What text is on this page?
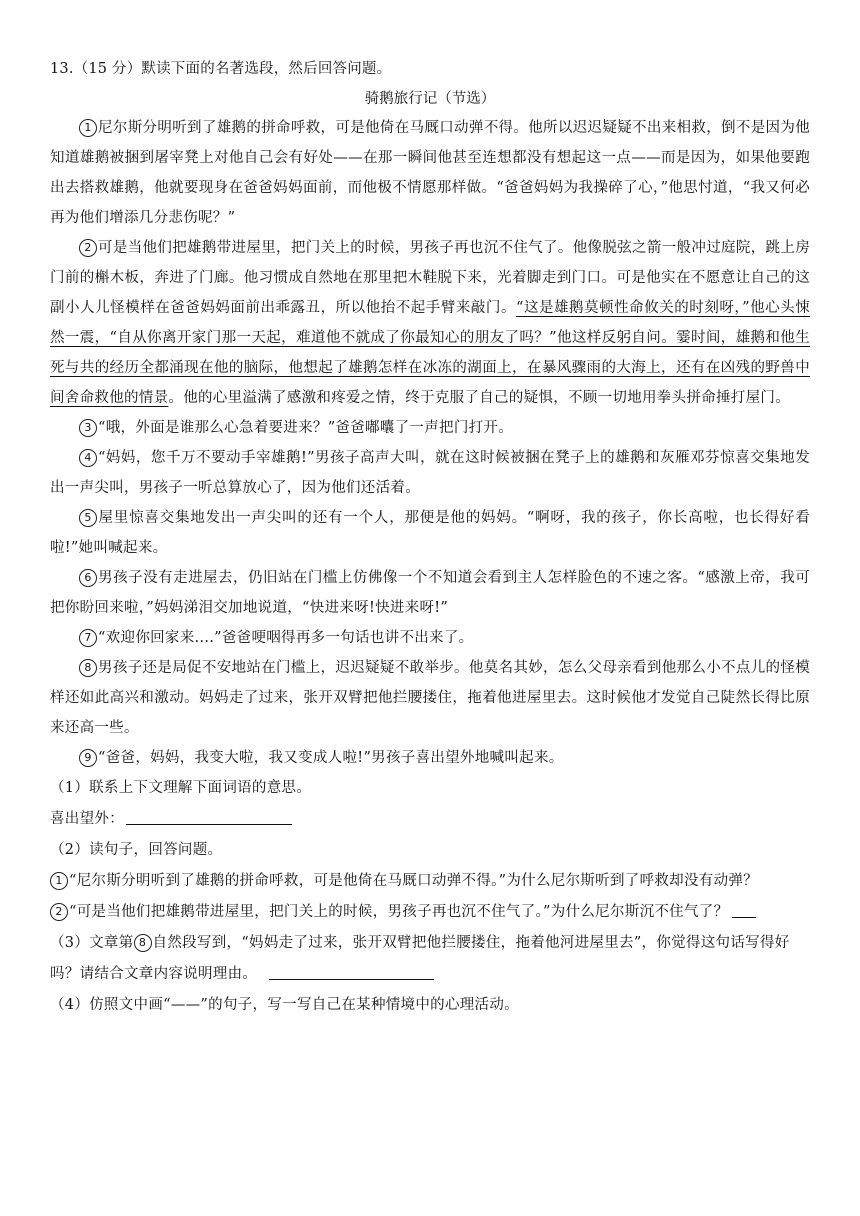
13.（15 分）默读下面的名著选段，然后回答问题。

骑鹅旅行记（节选）

1 尼尔斯分明听到了雄鹅的拼命呼救，可是他倚在马厩口动弹不得。他所以迟迟疑疑不出来相救，倒不是因为他知道雄鹅被捆到屠宰凳上对他自己会有好处——在那一瞬间他甚至连想都没有想起这一点——而是因为，如果他要跑出去搭救雄鹅，他就要现身在爸爸妈妈面前，而他极不情愿那样做。“爸爸妈妈为我操碎了心，”他思忖道，“我又何必再为他们增添几分悲伤呢？”

2 可是当他们把雄鹅带进屋里，把门关上的时候，男孩子再也沉不住气了。他像脱弦之箭一般冲过庭院，跳上房门前的槲木板，奔进了门廊。他习惯成自然地在那里把木鞋脱下来，光着脚走到门口。可是他实在不愿意让自己的这副小人儿怪模样在爸爸妈妈面前出乖露丑，所以他抬不起手臂来敲门。“这是雄鹅莫顿性命攸关的时刻呀，”他心头悚然一震，“自从你离开家门那一天起，难道他不就成了你最知心的朋友了吗？”他这样反躬自问。霎时间，雄鹅和他生死与共的经历全都涌现在他的脑际，他想起了雄鹅怎样在冰冻的湖面上，在暴风骤雨的大海上，还有在凶残的野兽中间舍命救他的情景。他的心里溢满了感激和疼爱之情，终于克服了自己的疑惧，不顾一切地用拳头拼命捶打屋门。

3 “哦，外面是谁那么心急着要进来？”爸爸嘟囔了一声把门打开。

4 “妈妈，您千万不要动手宰雄鹅!”男孩子高声大叫，就在这时候被捆在凳子上的雄鹅和灰雁邓芬惊喜交集地发出一声尖叫，男孩子一听总算放心了，因为他们还活着。

5 屋里惊喜交集地发出一声尖叫的还有一个人，那便是他的妈妈。“啊呀，我的孩子，你长高啦，也长得好看啦!”她叫喊起来。

6 男孩子没有走进屋去，仍旧站在门槛上仿佛像一个不知道会看到主人怎样脸色的不速之客。“感激上帝，我可把你盼回来啦，”妈妈涕泪交加地说道，“快进来呀!快进来呀!”

7 “欢迎你回家来....”爸爸哽咽得再多一句话也讲不出来了。

8 男孩子还是局促不安地站在门槛上，迟迟疑疑不敢举步。他莫名其妙，怎么父母亲看到他那么小不点儿的怪模样还如此高兴和激动。妈妈走了过来，张开双臂把他拦腰搂住，拖着他进屋里去。这时候他才发觉自己陡然长得比原来还高一些。

9 “爸爸，妈妈，我变大啦，我又变成人啦!”男孩子喜出望外地喊叫起来。

（1）联系上下文理解下面词语的意思。

喜出望外：

（2）读句子，回答问题。

1 “尼尔斯分明听到了雄鹅的拼命呼救，可是他倚在马厩口动弹不得。”为什么尼尔斯听到了呼救却没有动弹？

2 “可是当他们把雄鹅带进屋里，把门关上的时候，男孩子再也沉不住气了。”为什么尼尔斯沉不住气了？

（3）文章第 8 自然段写到，“妈妈走了过来，张开双臂把他拦腰搂住，拖着他河进屋里去”，你觉得这句话写得好吗？请结合文章内容说明理由。

（4）仿照文中画“——”的句子，写一写自己在某种情境中的心理活动。
